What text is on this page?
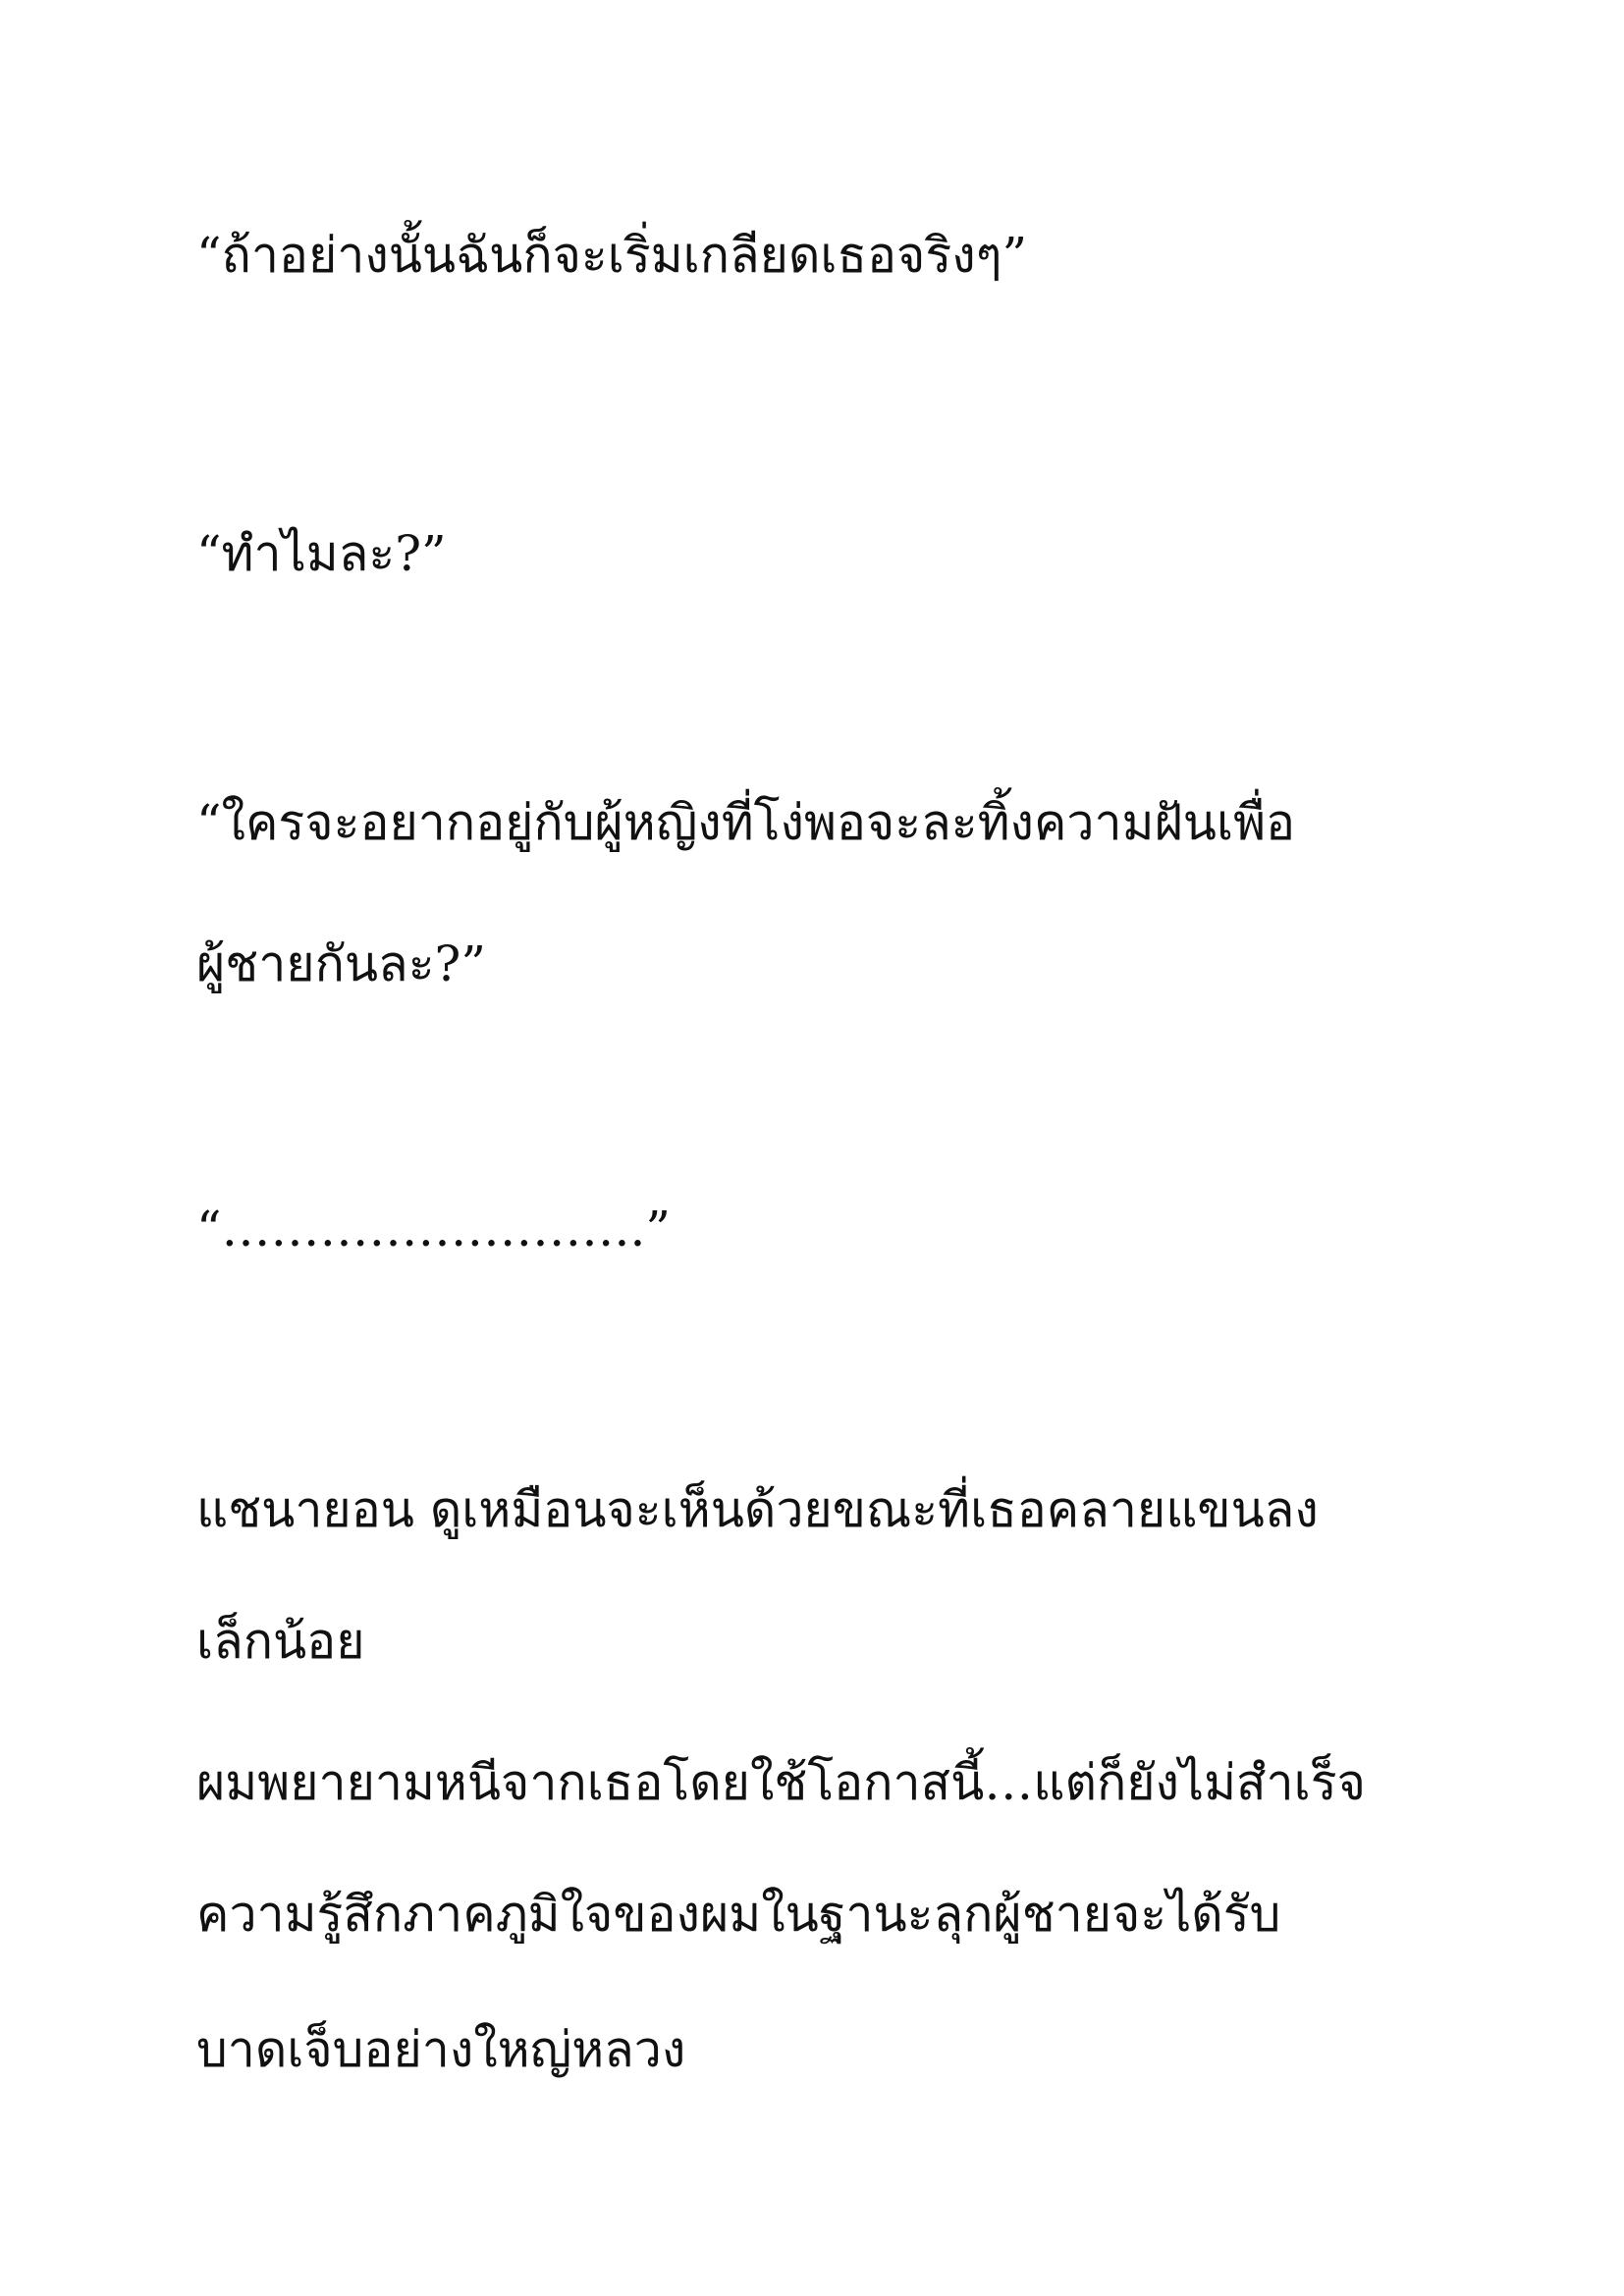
“ถ้าอย่างนั้นฉันก็จะเริ่มเกลียดเธอจริงๆ”
“ทำไมละ?”
“ใครจะอยากอยู่กับผู้หญิงที่โง่พอจะละทิ้งความฝันเพื่อ
ผู้ชายกันละ?”
“……………………..”
แชนายอน ดูเหมือนจะเห็นด้วยขณะที่เธอคลายแขนลง
เล็กน้อย
ผมพยายามหนีจากเธอโดยใช้โอกาสนี้…แต่ก็ยังไม่สำเร็จ
ความรู้สึกภาคภูมิใจของผมในฐานะลุกผู้ชายจะได้รับ
บาดเจ็บอย่างใหญ่หลวง
